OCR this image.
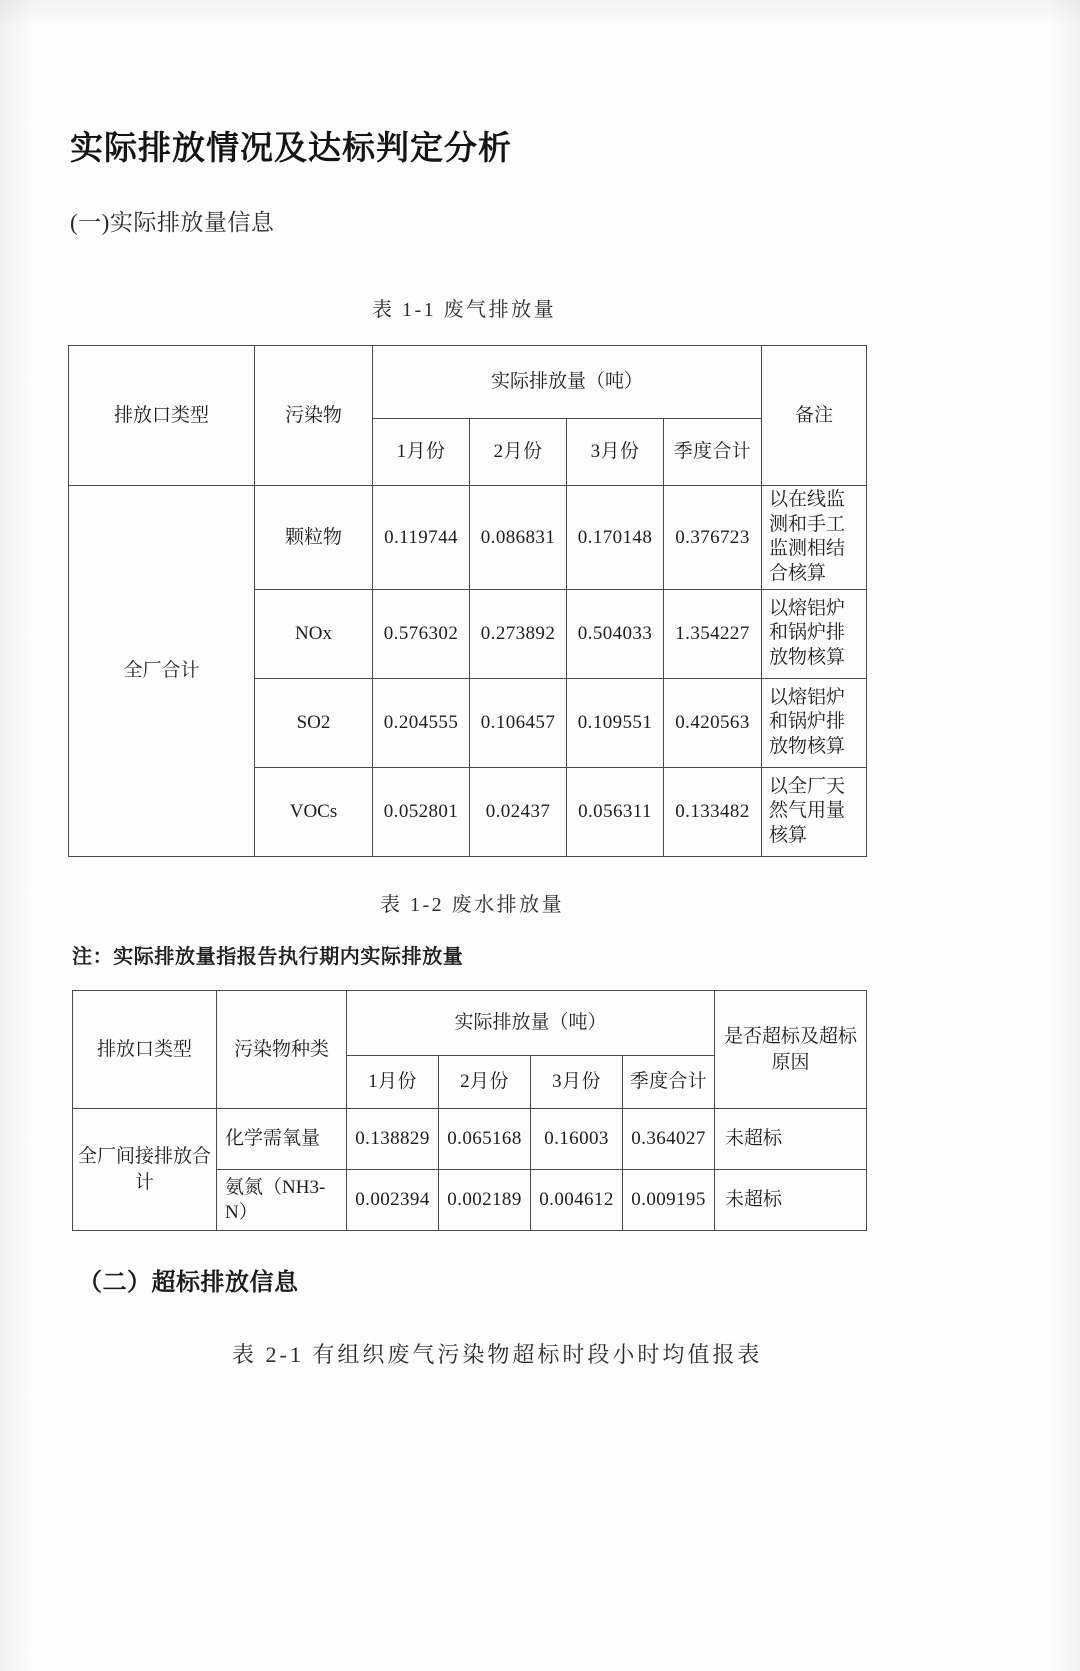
实际排放情况及达标判定分析
(一)实际排放量信息
表 1-1 废气排放量
排放口类型	污染物	实际排放量（吨）				备注
		1月份	2月份	3月份	季度合计	
全厂合计	颗粒物	0.119744	0.086831	0.170148	0.376723	以在线监测和手工监测相结合核算
	NOx	0.576302	0.273892	0.504033	1.354227	以熔铝炉和锅炉排放物核算
	SO2	0.204555	0.106457	0.109551	0.420563	以熔铝炉和锅炉排放物核算
	VOCs	0.052801	0.02437	0.056311	0.133482	以全厂天然气用量核算
表 1-2 废水排放量
注：实际排放量指报告执行期内实际排放量
排放口类型	污染物种类	实际排放量（吨）				是否超标及超标原因
		1月份	2月份	3月份	季度合计	
全厂间接排放合计	化学需氧量	0.138829	0.065168	0.16003	0.364027	未超标
	氨氮（NH3-N）	0.002394	0.002189	0.004612	0.009195	未超标
（二）超标排放信息
表 2-1 有组织废气污染物超标时段小时均值报表
